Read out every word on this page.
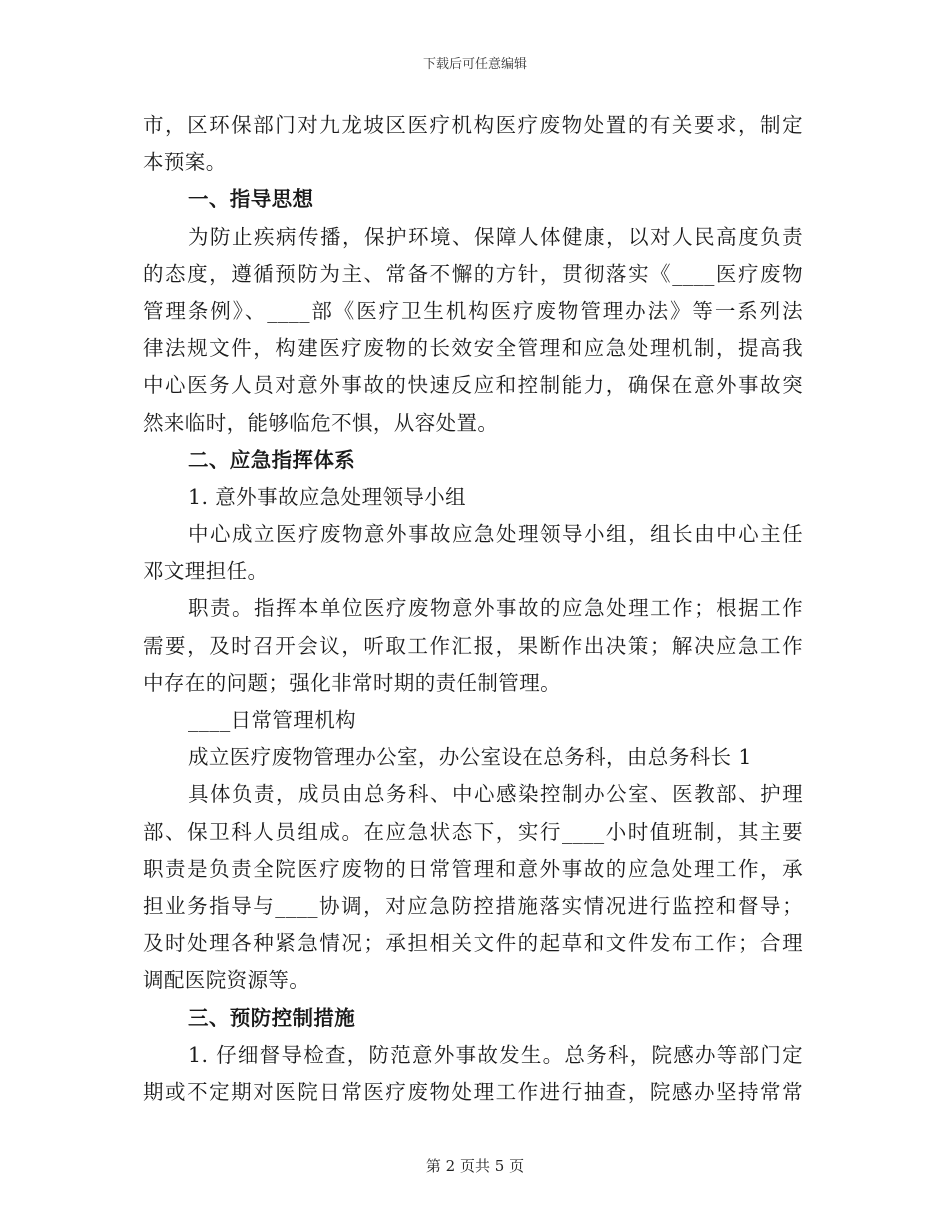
下载后可任意编辑
市，区环保部门对九龙坡区医疗机构医疗废物处置的有关要求，制定
本预案。
一、指导思想
为防止疾病传播，保护环境、保障人体健康，以对人民高度负责
的态度，遵循预防为主、常备不懈的方针，贯彻落实《____医疗废物
管理条例》、____部《医疗卫生机构医疗废物管理办法》等一系列法
律法规文件，构建医疗废物的长效安全管理和应急处理机制，提高我
中心医务人员对意外事故的快速反应和控制能力，确保在意外事故突
然来临时，能够临危不惧，从容处置。
二、应急指挥体系
1. 意外事故应急处理领导小组
中心成立医疗废物意外事故应急处理领导小组，组长由中心主任
邓文理担任。
职责。指挥本单位医疗废物意外事故的应急处理工作；根据工作
需要，及时召开会议，听取工作汇报，果断作出决策；解决应急工作
中存在的问题；强化非常时期的责任制管理。
____日常管理机构
成立医疗废物管理办公室，办公室设在总务科，由总务科长 1
具体负责，成员由总务科、中心感染控制办公室、医教部、护理
部、保卫科人员组成。在应急状态下，实行____小时值班制，其主要
职责是负责全院医疗废物的日常管理和意外事故的应急处理工作，承
担业务指导与____协调，对应急防控措施落实情况进行监控和督导；
及时处理各种紧急情况；承担相关文件的起草和文件发布工作；合理
调配医院资源等。
三、预防控制措施
1. 仔细督导检查，防范意外事故发生。总务科，院感办等部门定
期或不定期对医院日常医疗废物处理工作进行抽查，院感办坚持常常
第 2 页共 5 页
